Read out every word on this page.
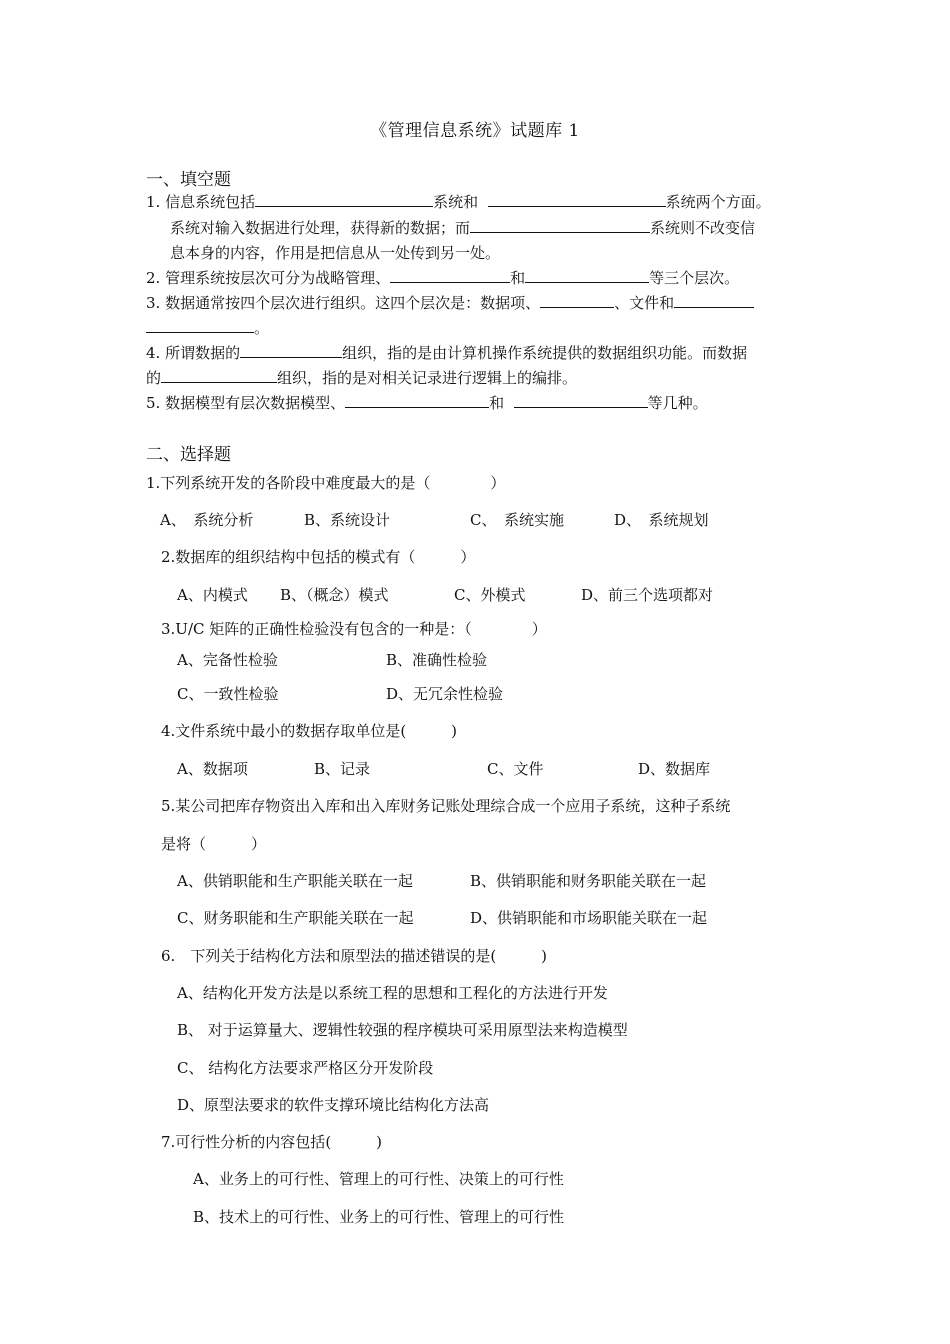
《管理信息系统》试题库 1
一、填空题
1. 信息系统包括	系统和	系统两个方面。
系统对输入数据进行处理，获得新的数据；而	系统则不改变信
息本身的内容，作用是把信息从一处传到另一处。
2. 管理系统按层次可分为战略管理、	和	等三个层次。
3. 数据通常按四个层次进行组织。这四个层次是：数据项、	、文件和
。
4. 所谓数据的	组织，指的是由计算机操作系统提供的数据组织功能。而数据
的	组织，指的是对相关记录进行逻辑上的编排。
5. 数据模型有层次数据模型、	和	等几种。
二、选择题
1.下列系统开发的各阶段中难度最大的是（　　　　）
A、　系统分析	B、系统设计	C、　系统实施	D、　系统规划
2.数据库的组织结构中包括的模式有（　　　）
A、内模式 B、（概念）模式	C、外模式	D、前三个选项都对
3.U/C 矩阵的正确性检验没有包含的一种是：（　　　　）
A、完备性检验	B、准确性检验
C、一致性检验	D、无冗余性检验
4.文件系统中最小的数据存取单位是(　　　)
A、数据项	B、记录	C、文件	D、数据库
5.某公司把库存物资出入库和出入库财务记账处理综合成一个应用子系统，这种子系统
是将（　　　）
A、供销职能和生产职能关联在一起	B、供销职能和财务职能关联在一起
C、财务职能和生产职能关联在一起	D、供销职能和市场职能关联在一起
6.　下列关于结构化方法和原型法的描述错误的是(　　　)
A、结构化开发方法是以系统工程的思想和工程化的方法进行开发
B、 对于运算量大、逻辑性较强的程序模块可采用原型法来构造模型
C、 结构化方法要求严格区分开发阶段
D、原型法要求的软件支撑环境比结构化方法高
7.可行性分析的内容包括(　　　)
A、业务上的可行性、管理上的可行性、决策上的可行性
B、技术上的可行性、业务上的可行性、管理上的可行性
